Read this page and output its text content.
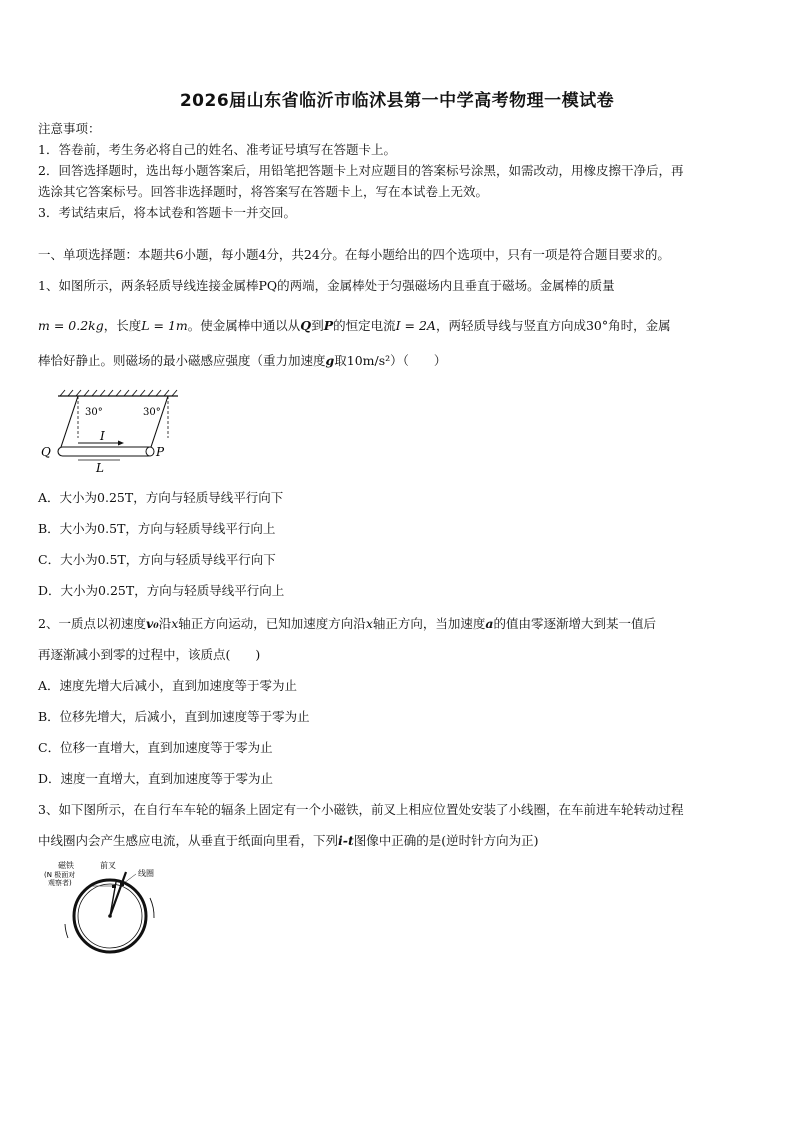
2026届山东省临沂市临沭县第一中学高考物理一模试卷
注意事项：
1．答卷前，考生务必将自己的姓名、准考证号填写在答题卡上。
2．回答选择题时，选出每小题答案后，用铅笔把答题卡上对应题目的答案标号涂黑，如需改动，用橡皮擦干净后，再
选涂其它答案标号。回答非选择题时，将答案写在答题卡上，写在本试卷上无效。
3．考试结束后，将本试卷和答题卡一并交回。
一、单项选择题：本题共6小题，每小题4分，共24分。在每小题给出的四个选项中，只有一项是符合题目要求的。
1、如图所示，两条轻质导线连接金属棒PQ的两端，金属棒处于匀强磁场内且垂直于磁场。金属棒的质量
m = 0.2kg，长度L = 1m。使金属棒中通以从Q到P的恒定电流I = 2A，两轻质导线与竖直方向成30°角时，金属
棒恰好静止。则磁场的最小磁感应强度（重力加速度g取10m/s²）（　　）
30°	30°
I
L
Q	P
A．大小为0.25T，方向与轻质导线平行向下
B．大小为0.5T，方向与轻质导线平行向上
C．大小为0.5T，方向与轻质导线平行向下
D．大小为0.25T，方向与轻质导线平行向上
2、一质点以初速度v₀沿x轴正方向运动，已知加速度方向沿x轴正方向，当加速度a的值由零逐渐增大到某一值后
再逐渐减小到零的过程中，该质点(　　)
A．速度先增大后减小，直到加速度等于零为止
B．位移先增大，后减小，直到加速度等于零为止
C．位移一直增大，直到加速度等于零为止
D．速度一直增大，直到加速度等于零为止
3、如下图所示，在自行车车轮的辐条上固定有一个小磁铁，前叉上相应位置处安装了小线圈，在车前进车轮转动过程
中线圈内会产生感应电流，从垂直于纸面向里看，下列i-t图像中正确的是(逆时针方向为正)
磁铁
(N 极面对
观察者)
前叉
线圈
